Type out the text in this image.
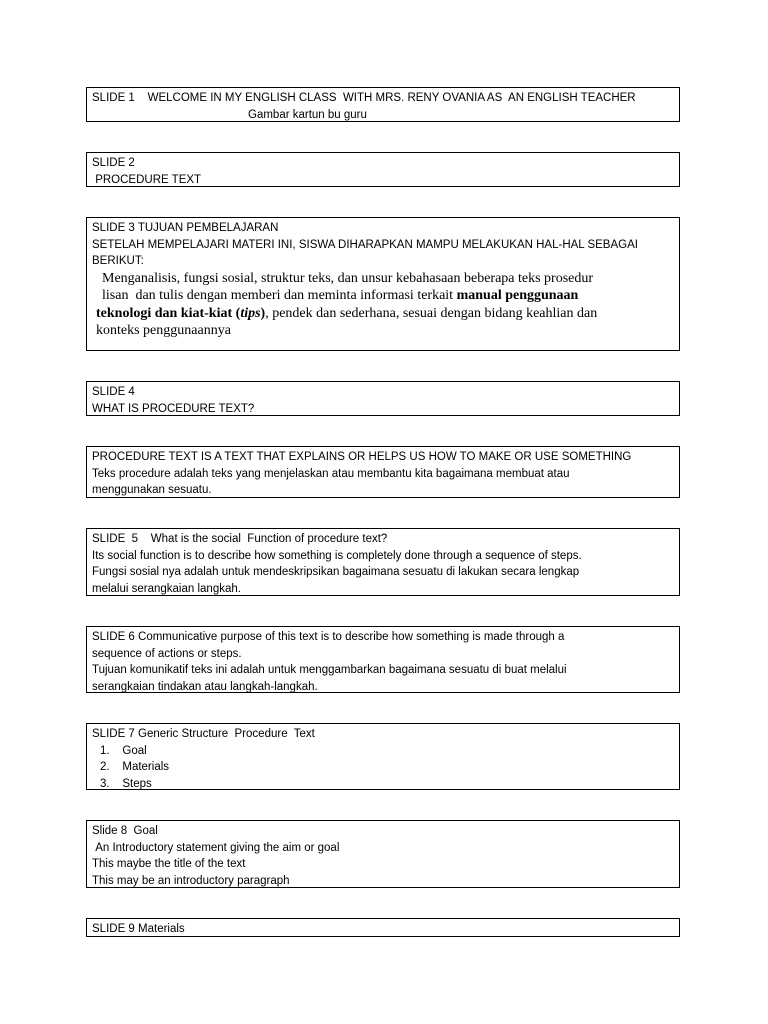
SLIDE 1    WELCOME IN MY ENGLISH CLASS  WITH MRS. RENY OVANIA AS  AN ENGLISH TEACHER
Gambar kartun bu guru
SLIDE 2
PROCEDURE TEXT
SLIDE 3 TUJUAN PEMBELAJARAN
SETELAH MEMPELAJARI MATERI INI, SISWA DIHARAPKAN MAMPU MELAKUKAN HAL-HAL SEBAGAI
BERIKUT:
Menganalisis, fungsi sosial, struktur teks, dan unsur kebahasaan beberapa teks prosedur
lisan  dan tulis dengan memberi dan meminta informasi terkait manual penggunaan
teknologi dan kiat-kiat (tips), pendek dan sederhana, sesuai dengan bidang keahlian dan
konteks penggunaannya
SLIDE 4
WHAT IS PROCEDURE TEXT?
PROCEDURE TEXT IS A TEXT THAT EXPLAINS OR HELPS US HOW TO MAKE OR USE SOMETHING
Teks procedure adalah teks yang menjelaskan atau membantu kita bagaimana membuat atau
menggunakan sesuatu.
SLIDE  5    What is the social  Function of procedure text?
Its social function is to describe how something is completely done through a sequence of steps.
Fungsi sosial nya adalah untuk mendeskripsikan bagaimana sesuatu di lakukan secara lengkap
melalui serangkaian langkah.
SLIDE 6 Communicative purpose of this text is to describe how something is made through a
sequence of actions or steps.
Tujuan komunikatif teks ini adalah untuk menggambarkan bagaimana sesuatu di buat melalui
serangkaian tindakan atau langkah-langkah.
SLIDE 7 Generic Structure  Procedure  Text
1.    Goal
2.    Materials
3.    Steps
Slide 8  Goal
An Introductory statement giving the aim or goal
This maybe the title of the text
This may be an introductory paragraph
SLIDE 9 Materials
